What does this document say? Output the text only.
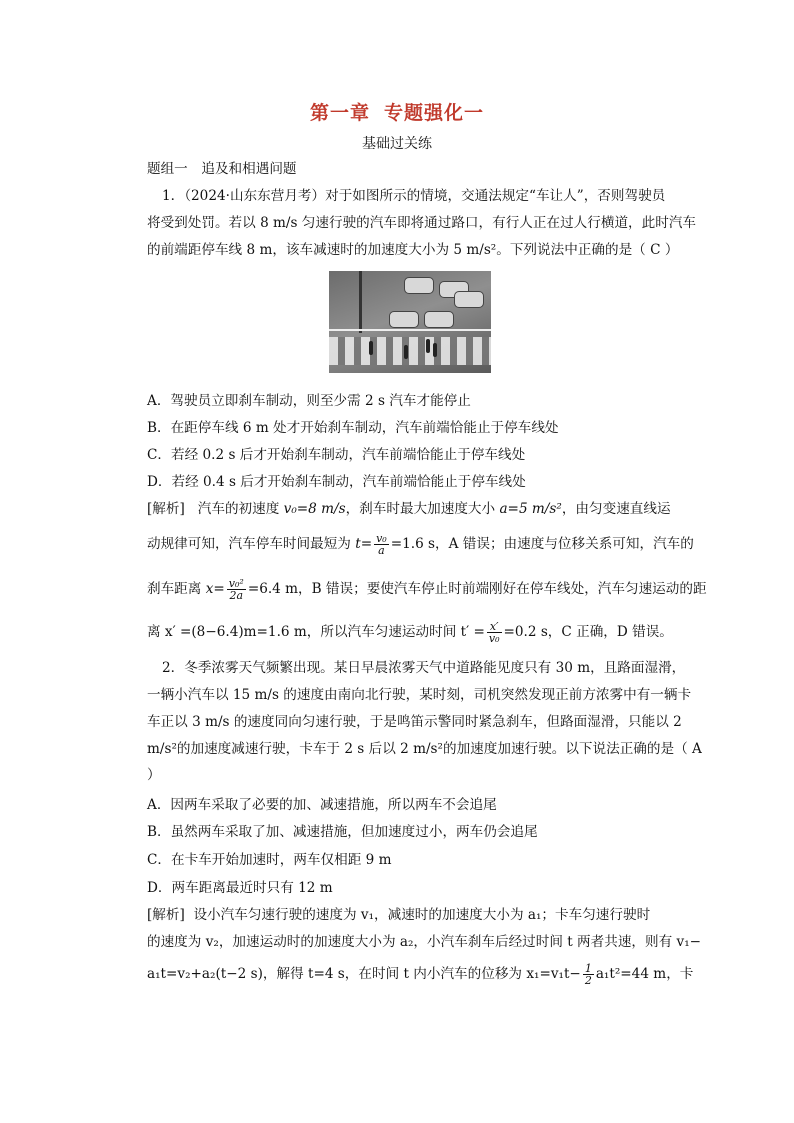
第一章 专题强化一
基础过关练
题组一　追及和相遇问题
1．（2024·山东东营月考）对于如图所示的情境，交通法规定“车让人”，否则驾驶员
将受到处罚。若以 8 m/s 匀速行驶的汽车即将通过路口，有行人正在过人行横道，此时汽车
的前端距停车线 8 m，该车减速时的加速度大小为 5 m/s²。下列说法中正确的是（ C ）
A．驾驶员立即刹车制动，则至少需 2 s 汽车才能停止
B．在距停车线 6 m 处才开始刹车制动，汽车前端恰能止于停车线处
C．若经 0.2 s 后才开始刹车制动，汽车前端恰能止于停车线处
D．若经 0.4 s 后才开始刹车制动，汽车前端恰能止于停车线处
[解析] 汽车的初速度 v₀=8 m/s，刹车时最大加速度大小 a=5 m/s²，由匀变速直线运
动规律可知，汽车停车时间最短为 $t= \frac{\text{v₀}}{a} =1.6$ s，A 错误；由速度与位移关系可知，汽车的
刹车距离 $x= \frac{\text{v₀²}}{2a} =6.4$ m，B 错误；要使汽车停止时前端刚好在停车线处，汽车匀速运动的距
离 x′ =(8−6.4)m=1.6 m，所以汽车匀速运动时间 $t' = \frac{x'}{\text{v₀}} =0.2$ s，C 正确，D 错误。
2．冬季浓雾天气频繁出现。某日早晨浓雾天气中道路能见度只有 30 m，且路面湿滑，
一辆小汽车以 15 m/s 的速度由南向北行驶，某时刻，司机突然发现正前方浓雾中有一辆卡
车正以 3 m/s 的速度同向匀速行驶，于是鸣笛示警同时紧急刹车，但路面湿滑，只能以 2
m/s²的加速度减速行驶，卡车于 2 s 后以 2 m/s²的加速度加速行驶。以下说法正确的是（ A
）
A．因两车采取了必要的加、减速措施，所以两车不会追尾
B．虽然两车采取了加、减速措施，但加速度过小，两车仍会追尾
C．在卡车开始加速时，两车仅相距 9 m
D．两车距离最近时只有 12 m
[解析] 设小汽车匀速行驶的速度为 v₁，减速时的加速度大小为 a₁；卡车匀速行驶时
的速度为 v₂，加速运动时的加速度大小为 a₂，小汽车刹车后经过时间 t 两者共速，则有 v₁−
a₁t=v₂+a₂(t−2 s)，解得 t=4 s，在时间 t 内小汽车的位移为 $x_1=v_1t- \frac{1}{2} a_1t^2=44$ m，卡
